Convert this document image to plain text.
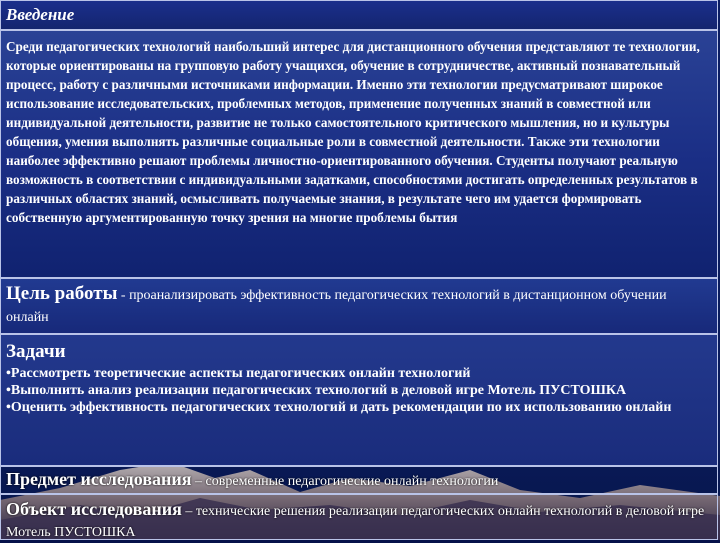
Введение
Среди педагогических технологий наибольший интерес для дистанционного обучения представляют те технологии, которые ориентированы на групповую работу учащихся, обучение в сотрудничестве, активный познавательный процесс, работу с различными источниками информации. Именно эти технологии предусматривают широкое использование исследовательских, проблемных методов, применение полученных знаний в совместной или индивидуальной деятельности, развитие не только самостоятельного критического мышления, но и культуры общения, умения выполнять различные социальные роли в совместной деятельности. Также эти технологии наиболее эффективно решают проблемы личностно-ориентированного обучения. Студенты получают реальную возможность в соответствии с индивидуальными задатками, способностями достигать определенных результатов в различных областях знаний, осмысливать получаемые знания, в результате чего им удается формировать собственную аргументированную точку зрения на многие проблемы бытия
Цель работы - проанализировать эффективность педагогических технологий в дистанционном обучении онлайн
Задачи
•Рассмотреть теоретические аспекты педагогических онлайн технологий
•Выполнить анализ реализации педагогических технологий в деловой игре Мотель ПУСТОШКА
•Оценить эффективность педагогических технологий и дать рекомендации по их использованию онлайн
Предмет исследования – современные педагогические онлайн технологии
Объект исследования – технические решения реализации педагогических онлайн технологий в деловой игре Мотель ПУСТОШКА
